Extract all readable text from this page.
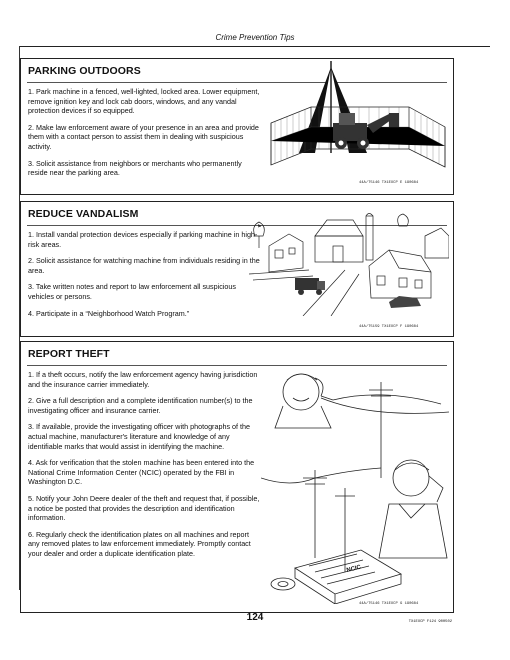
Crime Prevention Tips
PARKING OUTDOORS

1. Park machine in a fenced, well-lighted, locked area. Lower equipment, remove ignition key and lock cab doors, windows, and any vandal protection devices if so equipped.

2. Make law enforcement aware of your presence in an area and provide them with a contact person to assist them in dealing with suspicious activity.

3. Solicit assistance from neighbors or merchants who permanently reside near the parking area.

44A/T5146 TX1EXCP E 190684
REDUCE VANDALISM

1. Install vandal protection devices especially if parking machine in high-risk areas.

2. Solicit assistance for watching machine from individuals residing in the area.

3. Take written notes and report to law enforcement all suspicious vehicles or persons.

4. Participate in a “Neighborhood Watch Program.”

⚑
44A/T5159 TX1EXCP F 190684
REPORT THEFT

1. If a theft occurs, notify the law enforcement agency having jurisdiction and the insurance carrier immediately.

2. Give a full description and a complete identification number(s) to the investigating officer and insurance carrier.

3. If available, provide the investigating officer with photographs of the actual machine, manufacturer's literature and knowledge of any identifiable marks that would assist in identifying the machine.

4. Ask for verification that the stolen machine has been entered into the National Crime Information Center (NCIC) operated by the FBI in Washington D.C.

5. Notify your John Deere dealer of the theft and request that, if possible, a notice be posted that provides the description and identification information.

6. Regularly check the identification plates on all machines and report any removed plates to law enforcement immediately. Promptly contact your dealer and order a duplicate identification plate.

NCIC
44A/T5146 TX1EXCP G 190684
124	TX1EXCP F124 900502
